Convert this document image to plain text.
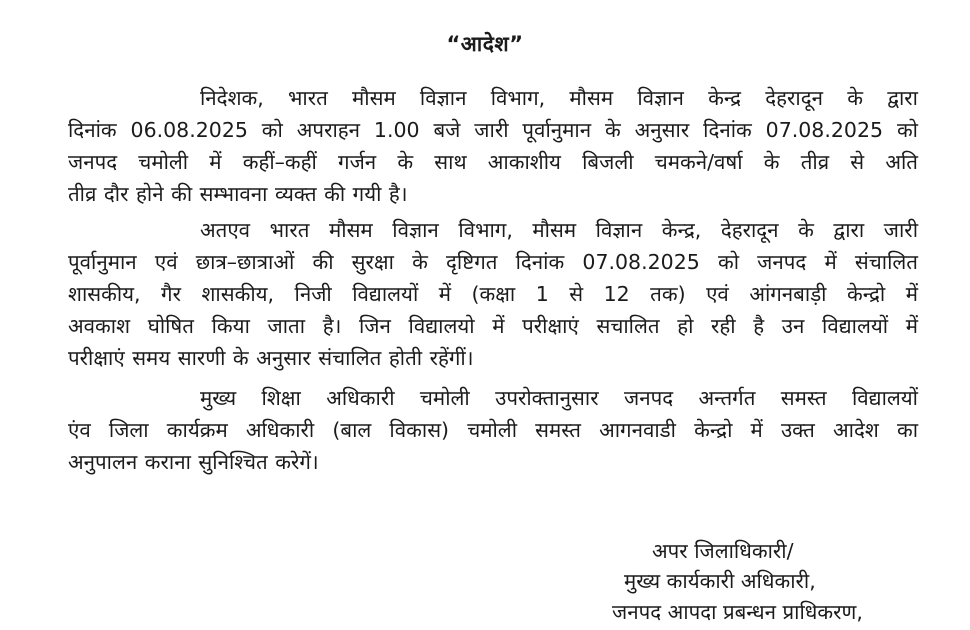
“आदेश”
निदेशक, भारत मौसम विज्ञान विभाग, मौसम विज्ञान केन्द्र देहरादून के द्वारा
दिनांक 06.08.2025 को अपराहन 1.00 बजे जारी पूर्वानुमान के अनुसार दिनांक 07.08.2025 को
जनपद चमोली में कहीं–कहीं गर्जन के साथ आकाशीय बिजली चमकने/वर्षा के तीव्र से अति
तीव्र दौर होने की सम्भावना व्यक्त की गयी है।
अतएव भारत मौसम विज्ञान विभाग, मौसम विज्ञान केन्द्र, देहरादून के द्वारा जारी
पूर्वानुमान एवं छात्र–छात्राओं की सुरक्षा के दृष्टिगत दिनांक 07.08.2025 को जनपद में संचालित
शासकीय, गैर शासकीय, निजी विद्यालयों में (कक्षा 1 से 12 तक) एवं आंगनबाड़ी केन्द्रो में
अवकाश घोषित किया जाता है। जिन विद्यालयो में परीक्षाएं सचालित हो रही है उन विद्यालयों में
परीक्षाएं समय सारणी के अनुसार संचालित होती रहेंगीं।
मुख्य शिक्षा अधिकारी चमोली उपरोक्तानुसार जनपद अन्तर्गत समस्त विद्यालयों
एंव जिला कार्यक्रम अधिकारी (बाल विकास) चमोली समस्त आगनवाडी केन्द्रो में उक्त आदेश का
अनुपालन कराना सुनिश्चित करेगें।
अपर जिलाधिकारी/
मुख्य कार्यकारी अधिकारी,
जनपद आपदा प्रबन्धन प्राधिकरण,
